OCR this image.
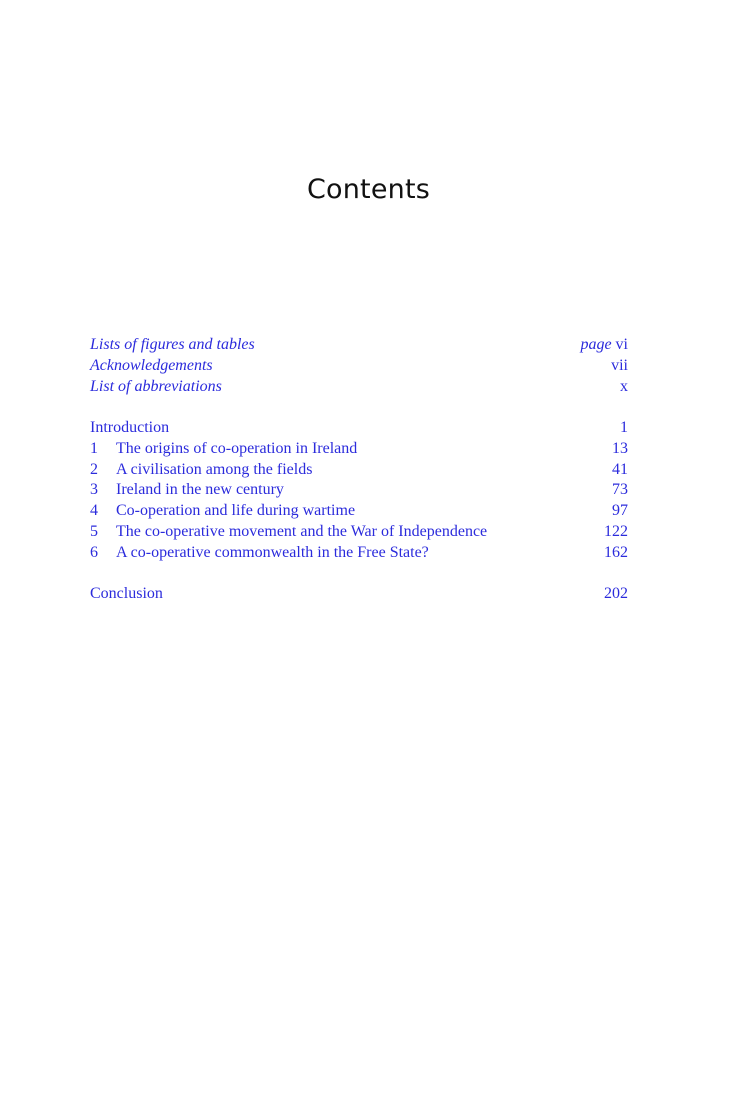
Contents
Lists of figures and tables	page vi
Acknowledgements	vii
List of abbreviations	x
Introduction	1
1	The origins of co-operation in Ireland	13
2	A civilisation among the fields	41
3	Ireland in the new century	73
4	Co-operation and life during wartime	97
5	The co-operative movement and the War of Independence	122
6	A co-operative commonwealth in the Free State?	162
Conclusion	202
